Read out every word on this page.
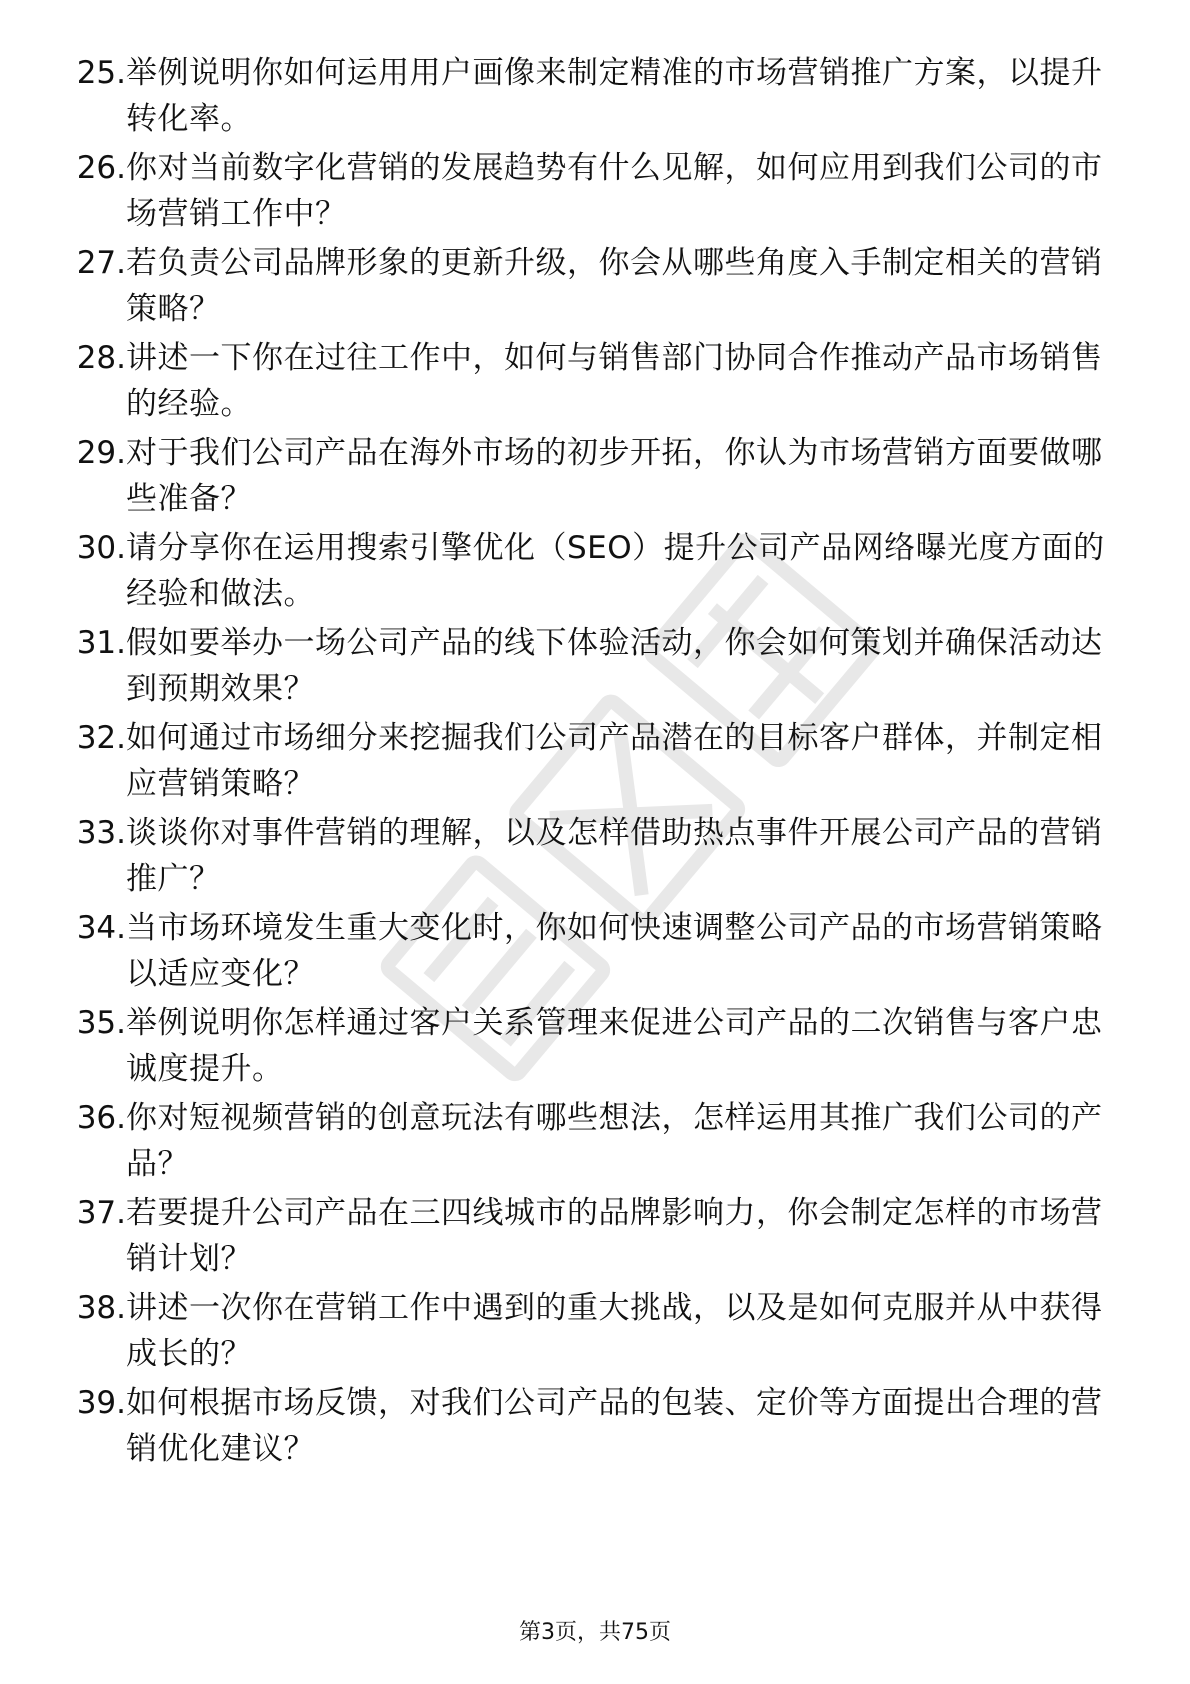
25. 举例说明你如何运用用户画像来制定精准的市场营销推广方案，以提升转化率。
26. 你对当前数字化营销的发展趋势有什么见解，如何应用到我们公司的市场营销工作中？
27. 若负责公司品牌形象的更新升级，你会从哪些角度入手制定相关的营销策略？
28. 讲述一下你在过往工作中，如何与销售部门协同合作推动产品市场销售的经验。
29. 对于我们公司产品在海外市场的初步开拓，你认为市场营销方面要做哪些准备？
30. 请分享你在运用搜索引擎优化（SEO）提升公司产品网络曝光度方面的经验和做法。
31. 假如要举办一场公司产品的线下体验活动，你会如何策划并确保活动达到预期效果？
32. 如何通过市场细分来挖掘我们公司产品潜在的目标客户群体，并制定相应营销策略？
33. 谈谈你对事件营销的理解，以及怎样借助热点事件开展公司产品的营销推广？
34. 当市场环境发生重大变化时，你如何快速调整公司产品的市场营销策略以适应变化？
35. 举例说明你怎样通过客户关系管理来促进公司产品的二次销售与客户忠诚度提升。
36. 你对短视频营销的创意玩法有哪些想法，怎样运用其推广我们公司的产品？
37. 若要提升公司产品在三四线城市的品牌影响力，你会制定怎样的市场营销计划？
38. 讲述一次你在营销工作中遇到的重大挑战，以及是如何克服并从中获得成长的？
39. 如何根据市场反馈，对我们公司产品的包装、定价等方面提出合理的营销优化建议？
第3页，共75页
